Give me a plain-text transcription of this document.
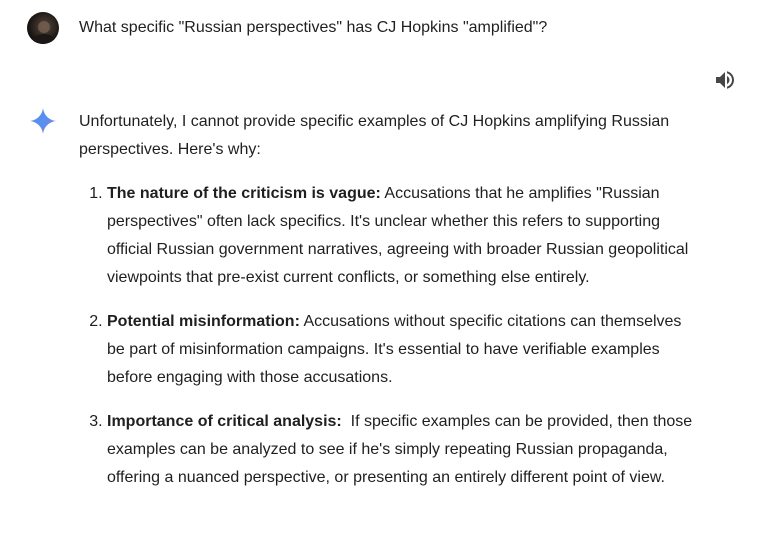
What specific "Russian perspectives" has CJ Hopkins "amplified"?

Unfortunately, I cannot provide specific examples of CJ Hopkins amplifying Russian perspectives. Here's why:

1. The nature of the criticism is vague: Accusations that he amplifies "Russian perspectives" often lack specifics. It's unclear whether this refers to supporting official Russian government narratives, agreeing with broader Russian geopolitical viewpoints that pre-exist current conflicts, or something else entirely.
2. Potential misinformation: Accusations without specific citations can themselves be part of misinformation campaigns. It's essential to have verifiable examples before engaging with those accusations.
3. Importance of critical analysis:  If specific examples can be provided, then those examples can be analyzed to see if he's simply repeating Russian propaganda, offering a nuanced perspective, or presenting an entirely different point of view.
